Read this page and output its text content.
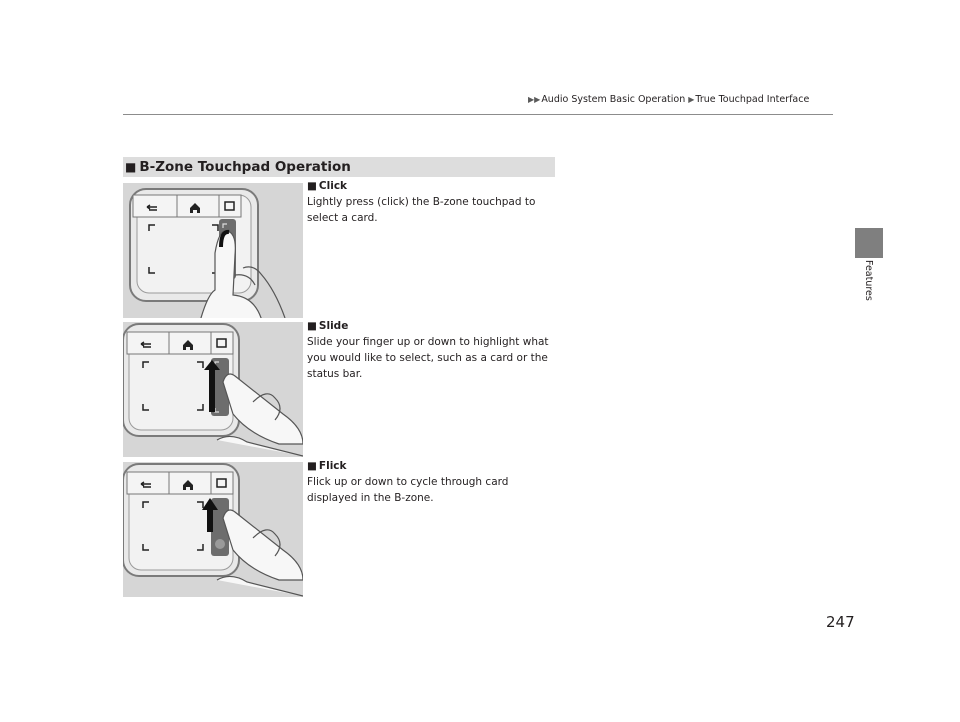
▶▶Audio System Basic Operation ▶True Touchpad Interface
Features
■ B-Zone Touchpad Operation
■ Click
Lightly press (click) the B-zone touchpad to select a card.
■ Slide
Slide your finger up or down to highlight what you would like to select, such as a card or the status bar.
■ Flick
Flick up or down to cycle through card displayed in the B-zone.
247
